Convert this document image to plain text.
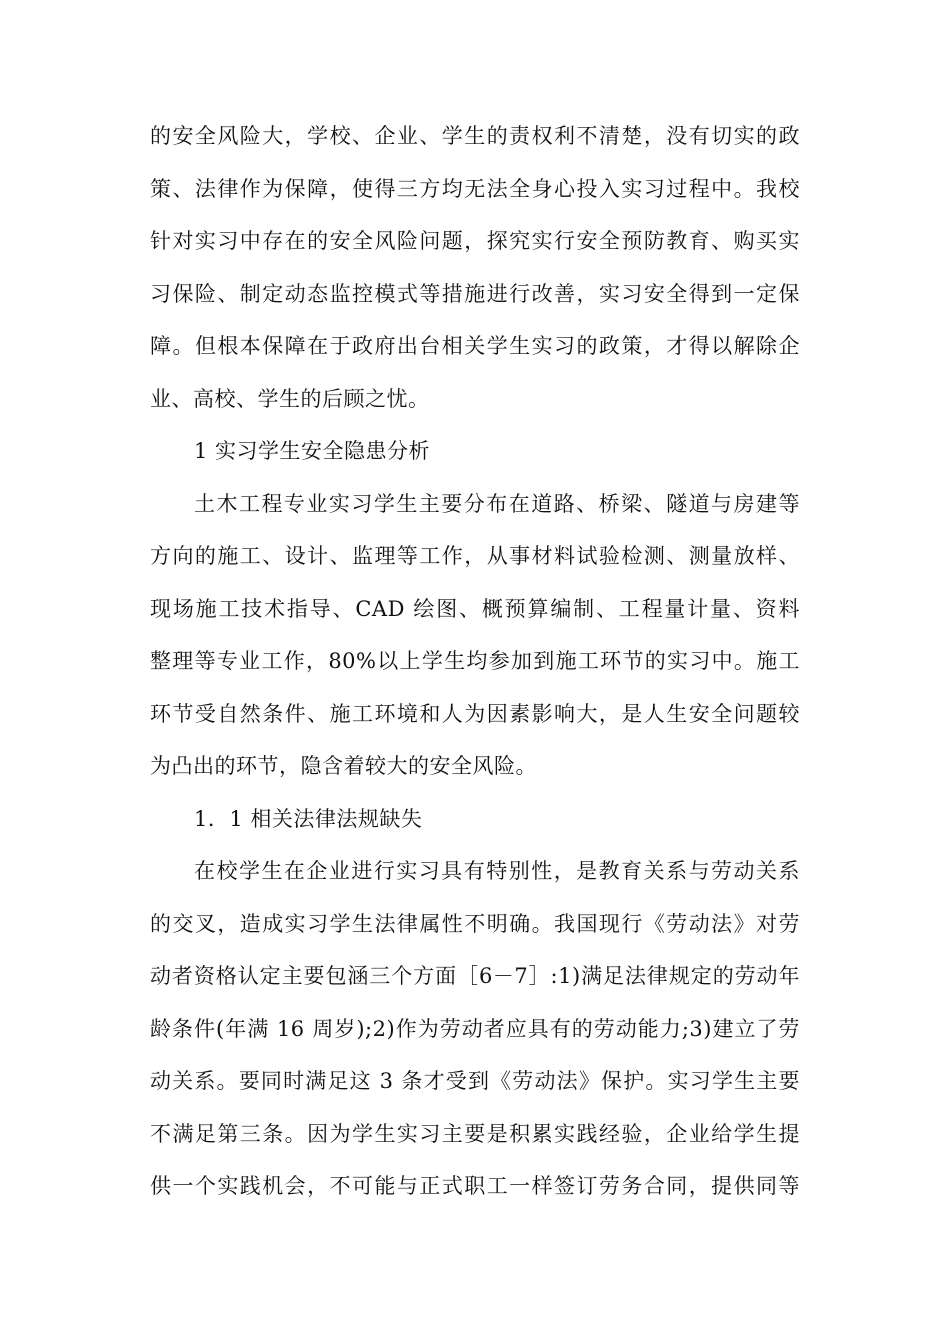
的安全风险大，学校、企业、学生的责权利不清楚，没有切实的政
策、法律作为保障，使得三方均无法全身心投入实习过程中。我校
针对实习中存在的安全风险问题，探究实行安全预防教育、购买实
习保险、制定动态监控模式等措施进行改善，实习安全得到一定保
障。但根本保障在于政府出台相关学生实习的政策，才得以解除企
业、高校、学生的后顾之忧。
1 实习学生安全隐患分析
土木工程专业实习学生主要分布在道路、桥梁、隧道与房建等
方向的施工、设计、监理等工作，从事材料试验检测、测量放样、
现场施工技术指导、CAD 绘图、概预算编制、工程量计量、资料
整理等专业工作，80%以上学生均参加到施工环节的实习中。施工
环节受自然条件、施工环境和人为因素影响大，是人生安全问题较
为凸出的环节，隐含着较大的安全风险。
1．1 相关法律法规缺失
在校学生在企业进行实习具有特别性，是教育关系与劳动关系
的交叉，造成实习学生法律属性不明确。我国现行《劳动法》对劳
动者资格认定主要包涵三个方面［6－7］:1)满足法律规定的劳动年
龄条件(年满 16 周岁);2)作为劳动者应具有的劳动能力;3)建立了劳
动关系。要同时满足这 3 条才受到《劳动法》保护。实习学生主要
不满足第三条。因为学生实习主要是积累实践经验，企业给学生提
供一个实践机会，不可能与正式职工一样签订劳务合同，提供同等
